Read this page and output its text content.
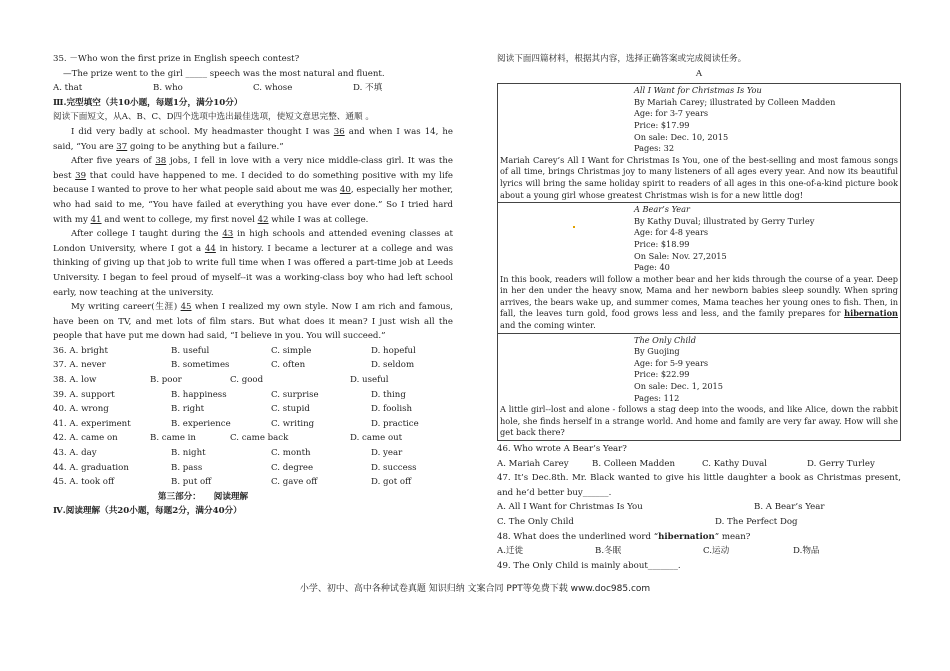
35. －Who won the first prize in English speech contest?
—The prize went to the girl _____ speech was the most natural and fluent.
A. that	B. who	C. whose	D. 不填
Ⅲ.完型填空（共10小题，每题1分，满分10分）
阅读下面短文，从A、B、C、D四个选项中选出最佳选项，使短文意思完整、通顺 。
I did very badly at school. My headmaster thought I was 36 and when I was 14, he said, “You are 37 going to be anything but a failure.”
After five years of 38 jobs, I fell in love with a very nice middle-class girl. It was the best 39 that could have happened to me. I decided to do something positive with my life because I wanted to prove to her what people said about me was 40, especially her mother, who had said to me, “You have failed at everything you have ever done.” So I tried hard with my 41 and went to college, my first novel 42 while I was at college.
After college I taught during the 43 in high schools and attended evening classes at London University, where I got a 44 in history. I became a lecturer at a college and was thinking of giving up that job to write full time when I was offered a part-time job at Leeds University. I began to feel proud of myself--it was a working-class boy who had left school early, now teaching at the university.
My writing career(生涯) 45 when I realized my own style. Now I am rich and famous, have been on TV, and met lots of film stars. But what does it mean? I just wish all the people that have put me down had said, “I believe in you. You will succeed.”
36. A. bright	B. useful	C. simple	D. hopeful
37. A. never	B. sometimes	C. often	D. seldom
38. A. low	B. poor	C. good	D. useful
39. A. support	B. happiness	C. surprise	D. thing
40. A. wrong	B. right	C. stupid	D. foolish
41. A. experiment	B. experience	C. writing	D. practice
42. A. came on	B. came in	C. came back	D. came out
43. A. day	B. night	C. month	D. year
44. A. graduation	B. pass	C. degree	D. success
45. A. took off	B. put off	C. gave off	D. got off
第三部分：　　阅读理解
Ⅳ.阅读理解（共20小题，每题2分，满分40分）
阅读下面四篇材料，根据其内容，选择正确答案或完成阅读任务。
A
All I Want for Christmas Is You
By Mariah Carey; illustrated by Colleen Madden
Age: for 3-7 years
Price: $17.99
On sale: Dec. 10, 2015
Pages: 32

Mariah Carey’s All I Want for Christmas Is You, one of the best-selling and most famous songs of all time, brings Christmas joy to many listeners of all ages every year. And now its beautiful lyrics will bring the same holiday spirit to readers of all ages in this one-of-a-kind picture book about a young girl whose greatest Christmas wish is for a new little dog!

A Bear’s Year
By Kathy Duval; illustrated by Gerry Turley
Age: for 4-8 years
Price: $18.99
On Sale: Nov. 27,2015
Page: 40

In this book, readers will follow a mother bear and her kids through the course of a year. Deep in her den under the heavy snow, Mama and her newborn babies sleep soundly. When spring arrives, the bears wake up, and summer comes, Mama teaches her young ones to fish. Then, in fall, the leaves turn gold, food grows less and less, and the family prepares for hibernation and the coming winter.

The Only Child
By Guojing
Age: for 5-9 years
Price: $22.99
On sale: Dec. 1, 2015
Pages: 112

A little girl--lost and alone - follows a stag deep into the woods, and like Alice, down the rabbit hole, she finds herself in a strange world. And home and family are very far away. How will she get back there?

46. Who wrote A Bear’s Year?
A. Mariah Carey	B. Colleen Madden	C. Kathy Duval	D. Gerry Turley
47. It’s Dec.8th. Mr. Black wanted to give his little daughter a book as Christmas present, and he’d better buy______.
A. All I Want for Christmas Is You	B. A Bear’s Year
C. The Only Child	D. The Perfect Dog
48. What does the underlined word “hibernation” mean?
A.迁徙	B.冬眠	C.运动	D.物品
49. The Only Child is mainly about_______.
小学、初中、高中各种试卷真题 知识归纳 文案合同 PPT等免费下载 www.doc985.com
